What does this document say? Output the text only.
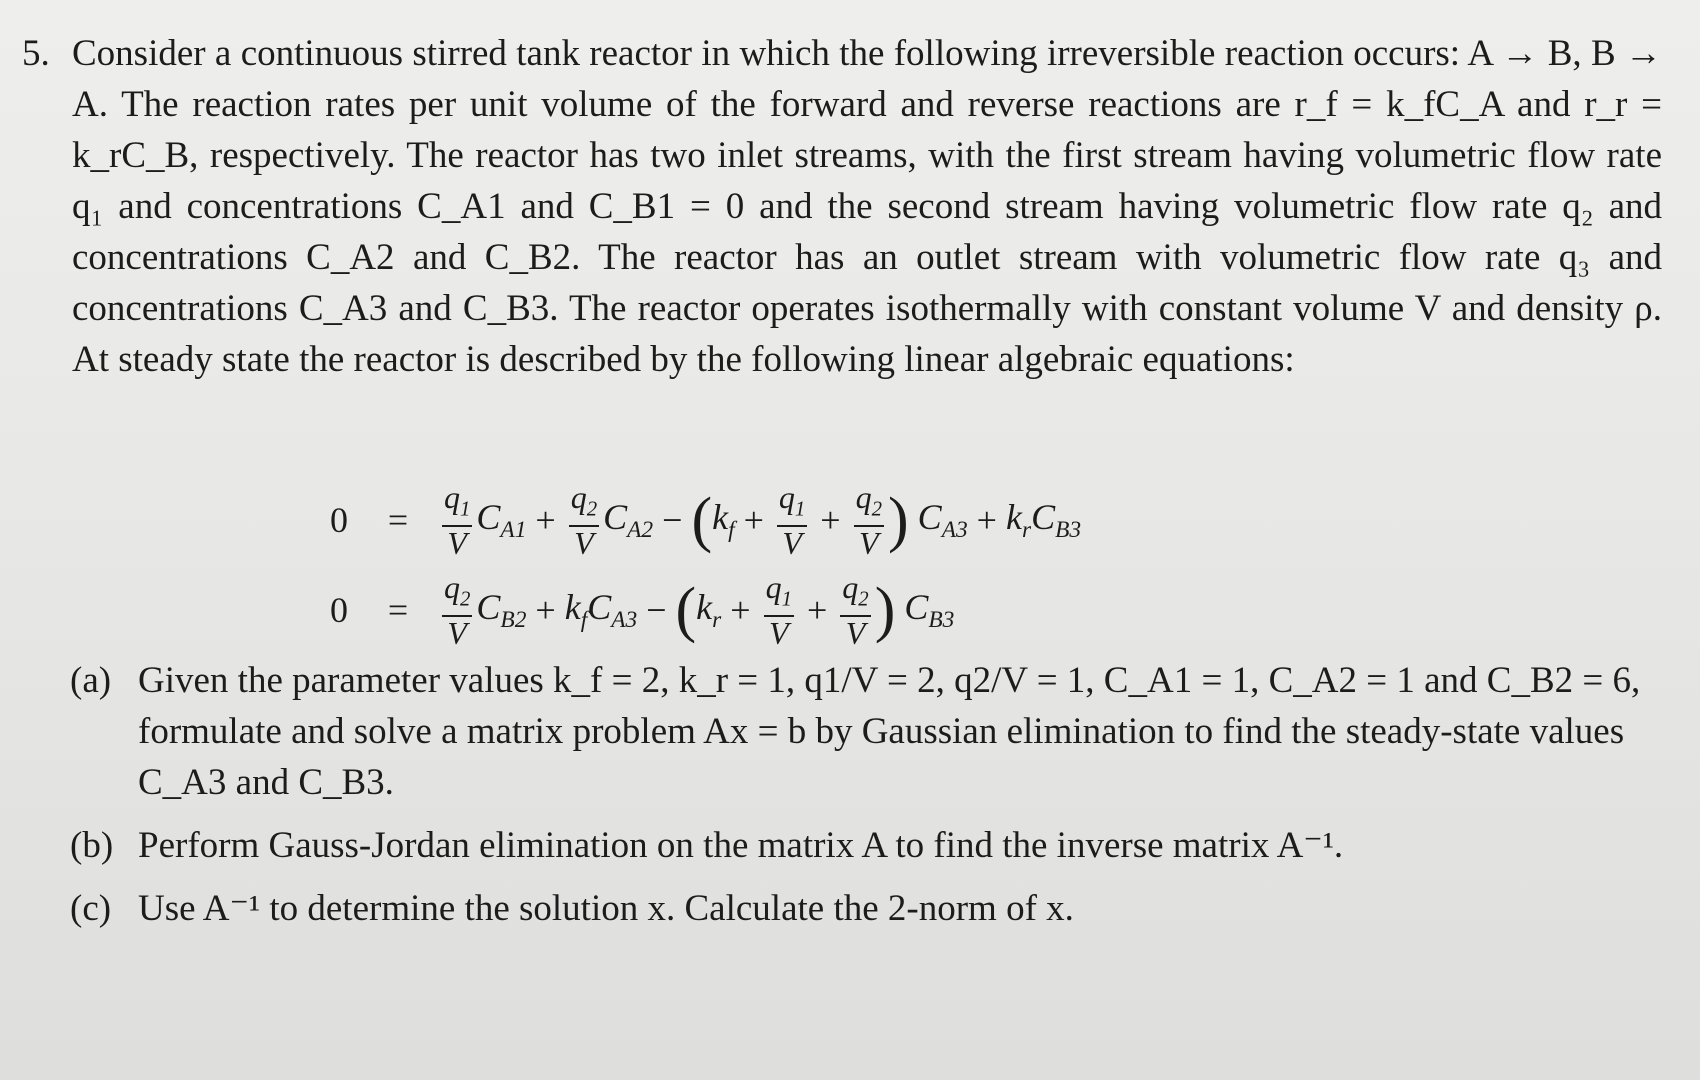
5. Consider a continuous stirred tank reactor in which the following irreversible reaction occurs: A → B, B → A. The reaction rates per unit volume of the forward and reverse reactions are r_f = k_fC_A and r_r = k_rC_B, respectively. The reactor has two inlet streams, with the first stream having volumetric flow rate q₁ and concentrations C_A1 and C_B1 = 0 and the second stream having volumetric flow rate q₂ and concentrations C_A2 and C_B2. The reactor has an outlet stream with volumetric flow rate q₃ and concentrations C_A3 and C_B3. The reactor operates isothermally with constant volume V and density ρ. At steady state the reactor is described by the following linear algebraic equations:
0	=	$\frac{q_1}{V} C_{A1} + \frac{q_2}{V} C_{A2}$ − ( $k_f + \frac{q_1}{V} + \frac{q_2}{V}$ )
$C_{A3} + k_rC_{B3}$
0	=	$\frac{q_2}{V} C_{B2} + k_fC_{A3}$ − ( $k_r + \frac{q_1}{V} + \frac{q_2}{V}$ )
$C_{B3}$
(a) Given the parameter values k_f = 2, k_r = 1, q1/V = 2, q2/V = 1, C_A1 = 1, C_A2 = 1 and C_B2 = 6, formulate and solve a matrix problem Ax = b by Gaussian elimination to find the steady-state values C_A3 and C_B3.
(b) Perform Gauss-Jordan elimination on the matrix A to find the inverse matrix A⁻¹.
(c) Use A⁻¹ to determine the solution x. Calculate the 2-norm of x.
